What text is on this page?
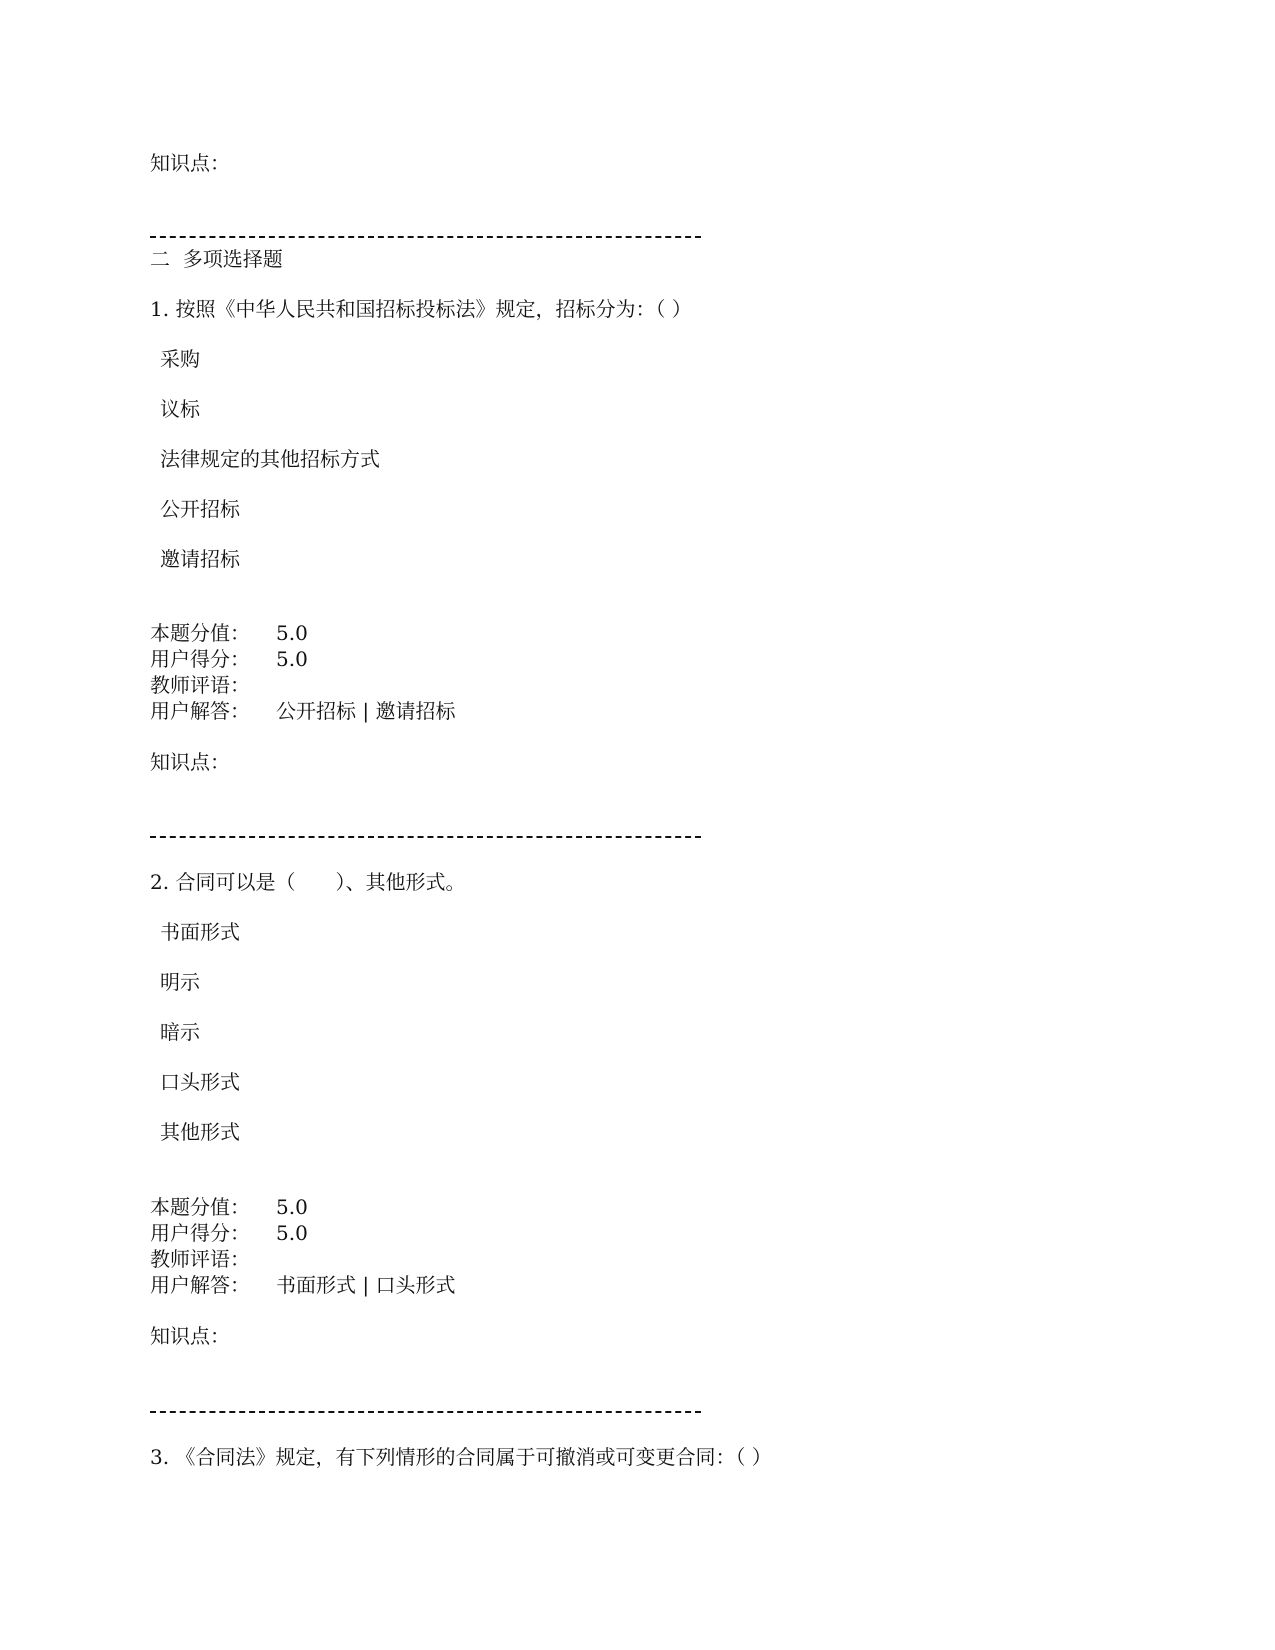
知识点：
二  多项选择题
1. 按照《中华人民共和国招标投标法》规定，招标分为：（ ）
采购
议标
法律规定的其他招标方式
公开招标
邀请招标
本题分值： 5.0
用户得分： 5.0
教师评语：
用户解答： 公开招标 | 邀请招标
知识点：
2. 合同可以是（　　）、其他形式。
书面形式
明示
暗示
口头形式
其他形式
本题分值： 5.0
用户得分： 5.0
教师评语：
用户解答： 书面形式 | 口头形式
知识点：
3. 《合同法》规定，有下列情形的合同属于可撤消或可变更合同：（ ）
